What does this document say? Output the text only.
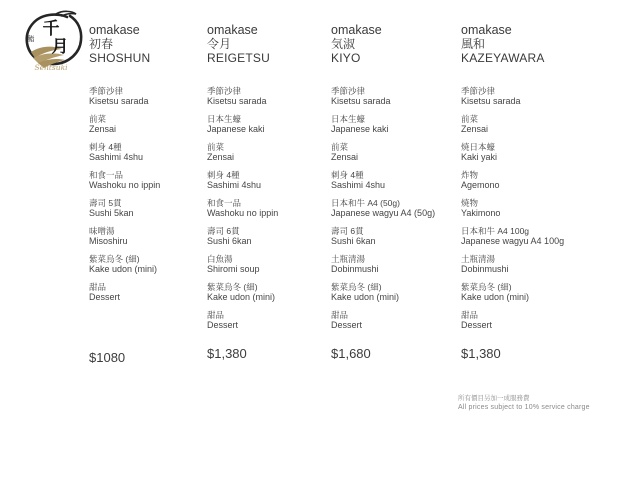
千
月
鮨
Sentsuki
omakase
初春
SHOSHUN
季節沙律
Kisetsu sarada
前菜
Zensai
刺身 4種
Sashimi 4shu
和食一品
Washoku no ippin
壽司 5貫
Sushi 5kan
味噌湯
Misoshiru
紫菜烏冬 (細)
Kake udon (mini)
甜品
Dessert
$1080
omakase
令月
REIGETSU
季節沙律
Kisetsu sarada
日本生蠔
Japanese kaki
前菜
Zensai
刺身 4種
Sashimi 4shu
和食一品
Washoku no ippin
壽司 6貫
Sushi 6kan
白魚湯
Shiromi soup
紫菜烏冬 (細)
Kake udon (mini)
甜品
Dessert
$1,380
omakase
気淑
KIYO
季節沙律
Kisetsu sarada
日本生蠔
Japanese kaki
前菜
Zensai
刺身 4種
Sashimi 4shu
日本和牛 A4 (50g)
Japanese wagyu A4 (50g)
壽司 6貫
Sushi 6kan
土瓶清湯
Dobinmushi
紫菜烏冬 (細)
Kake udon (mini)
甜品
Dessert
$1,680
omakase
風和
KAZEYAWARA
季節沙律
Kisetsu sarada
前菜
Zensai
焼日本蠔
Kaki yaki
炸物
Agemono
焼物
Yakimono
日本和牛 A4 100g
Japanese wagyu A4 100g
土瓶清湯
Dobinmushi
紫菜烏冬 (細)
Kake udon (mini)
甜品
Dessert
$1,380
所有價目另加一成服務費
All prices subject to 10% service charge
